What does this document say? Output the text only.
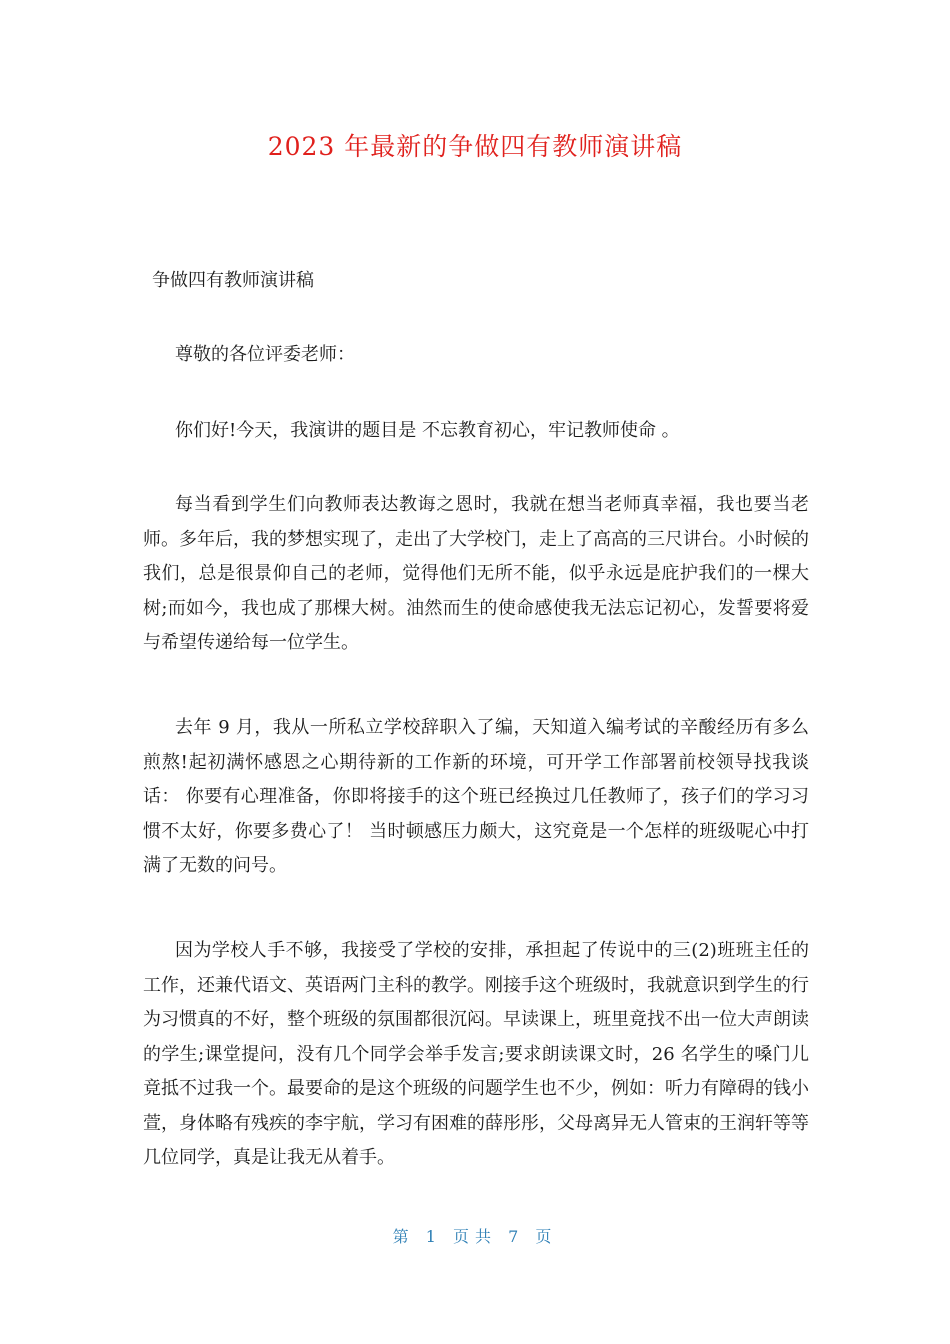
2023 年最新的争做四有教师演讲稿

争做四有教师演讲稿

尊敬的各位评委老师：

你们好!今天，我演讲的题目是 不忘教育初心，牢记教师使命 。

每当看到学生们向教师表达教诲之恩时，我就在想当老师真幸福，我也要当老师。多年后，我的梦想实现了，走出了大学校门，走上了高高的三尺讲台。小时候的我们，总是很景仰自己的老师，觉得他们无所不能，似乎永远是庇护我们的一棵大树;而如今，我也成了那棵大树。油然而生的使命感使我无法忘记初心，发誓要将爱与希望传递给每一位学生。

去年 9 月，我从一所私立学校辞职入了编，天知道入编考试的辛酸经历有多么煎熬!起初满怀感恩之心期待新的工作新的环境，可开学工作部署前校领导找我谈话： 你要有心理准备，你即将接手的这个班已经换过几任教师了，孩子们的学习习惯不太好，你要多费心了！ 当时顿感压力颇大，这究竟是一个怎样的班级呢心中打满了无数的问号。

因为学校人手不够，我接受了学校的安排，承担起了传说中的三(2)班班主任的工作，还兼代语文、英语两门主科的教学。刚接手这个班级时，我就意识到学生的行为习惯真的不好，整个班级的氛围都很沉闷。早读课上，班里竟找不出一位大声朗读的学生;课堂提问，没有几个同学会举手发言;要求朗读课文时，26 名学生的嗓门儿竟抵不过我一个。最要命的是这个班级的问题学生也不少，例如：听力有障碍的钱小萱，身体略有残疾的李宇航，学习有困难的薛彤彤，父母离异无人管束的王润轩等等几位同学，真是让我无从着手。

第 1 页共 7 页
